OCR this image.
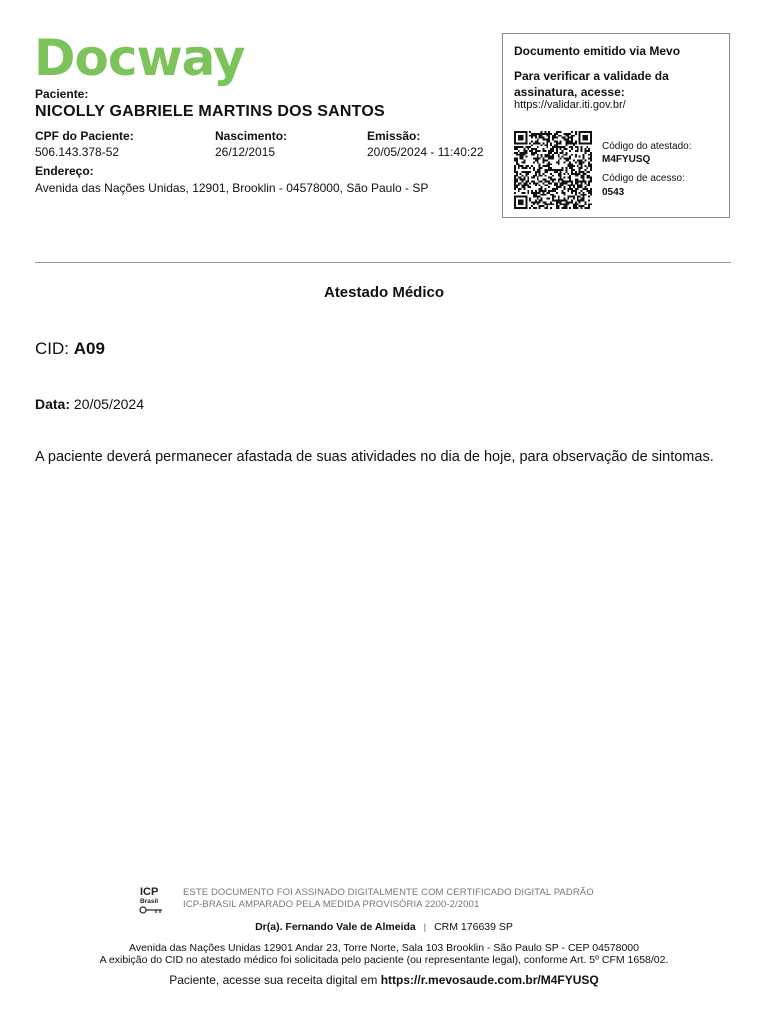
Docway
Paciente:
NICOLLY GABRIELE MARTINS DOS SANTOS
CPF do Paciente:
506.143.378-52
Nascimento:
26/12/2015
Emissão:
20/05/2024 - 11:40:22
Endereço:
Avenida das Nações Unidas, 12901, Brooklin - 04578000, São Paulo - SP
Documento emitido via Mevo
Para verificar a validade da assinatura, acesse:
https://validar.iti.gov.br/
Código do atestado:
M4FYUSQ
Código de acesso:
0543
Atestado Médico
CID: A09
Data: 20/05/2024
A paciente deverá permanecer afastada de suas atividades no dia de hoje, para observação de sintomas.
ICP
Brasil
ESTE DOCUMENTO FOI ASSINADO DIGITALMENTE COM CERTIFICADO DIGITAL PADRÃO
ICP-BRASIL AMPARADO PELA MEDIDA PROVISÓRIA 2200-2/2001
Dr(a). Fernando Vale de Almeida | CRM 176639 SP
Avenida das Nações Unidas 12901 Andar 23, Torre Norte, Sala 103 Brooklin - São Paulo SP - CEP 04578000
A exibição do CID no atestado médico foi solicitada pelo paciente (ou representante legal), conforme Art. 5º CFM 1658/02.
Paciente, acesse sua receita digital em https://r.mevosaude.com.br/M4FYUSQ
